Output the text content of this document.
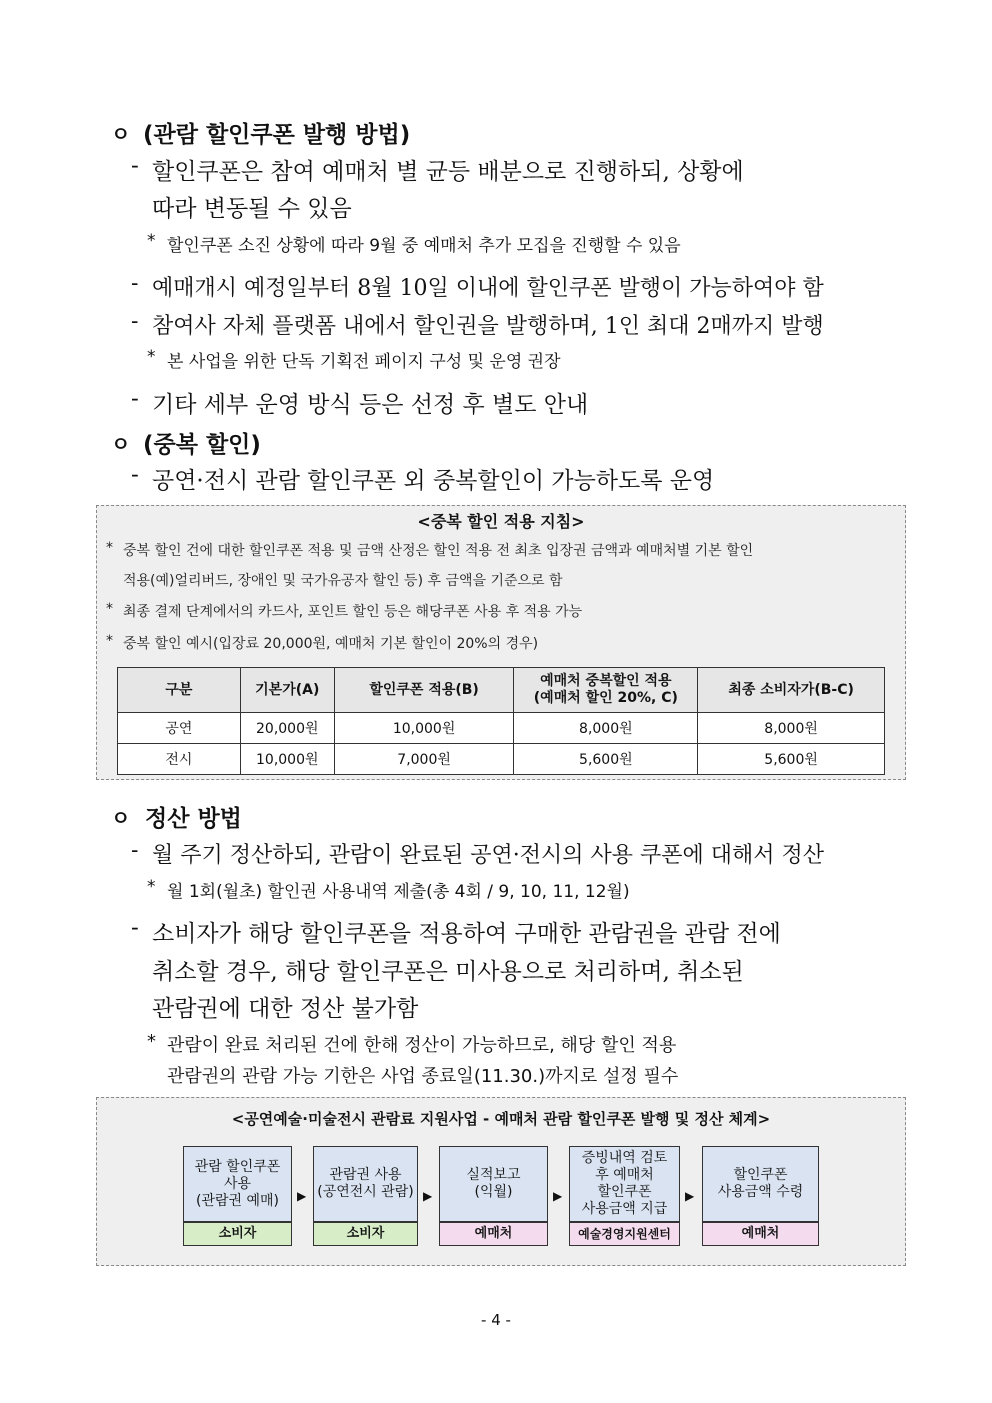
ㅇ (관람 할인쿠폰 발행 방법)
- 할인쿠폰은 참여 예매처 별 균등 배분으로 진행하되, 상황에
따라 변동될 수 있음
* 할인쿠폰 소진 상황에 따라 9월 중 예매처 추가 모집을 진행할 수 있음
- 예매개시 예정일부터 8월 10일 이내에 할인쿠폰 발행이 가능하여야 함
- 참여사 자체 플랫폼 내에서 할인권을 발행하며, 1인 최대 2매까지 발행
* 본 사업을 위한 단독 기획전 페이지 구성 및 운영 권장
- 기타 세부 운영 방식 등은 선정 후 별도 안내
ㅇ (중복 할인)
- 공연·전시 관람 할인쿠폰 외 중복할인이 가능하도록 운영
<중복 할인 적용 지침>
* 중복 할인 건에 대한 할인쿠폰 적용 및 금액 산정은 할인 적용 전 최초 입장권 금액과 예매처별 기본 할인
적용(예)얼리버드, 장애인 및 국가유공자 할인 등) 후 금액을 기준으로 함
* 최종 결제 단계에서의 카드사, 포인트 할인 등은 해당쿠폰 사용 후 적용 가능
* 중복 할인 예시(입장료 20,000원, 예매처 기본 할인이 20%의 경우)
구분	기본가(A)	할인쿠폰 적용(B)	예매처 중복할인 적용
(예매처 할인 20%, C)	최종 소비자가(B-C)
공연	20,000원	10,000원	8,000원	8,000원
전시	10,000원	7,000원	5,600원	5,600원
ㅇ 정산 방법
- 월 주기 정산하되, 관람이 완료된 공연·전시의 사용 쿠폰에 대해서 정산
* 월 1회(월초) 할인권 사용내역 제출(총 4회 / 9, 10, 11, 12월)
- 소비자가 해당 할인쿠폰을 적용하여 구매한 관람권을 관람 전에
취소할 경우, 해당 할인쿠폰은 미사용으로 처리하며, 취소된
관람권에 대한 정산 불가함
* 관람이 완료 처리된 건에 한해 정산이 가능하므로, 해당 할인 적용
관람권의 관람 가능 기한은 사업 종료일(11.30.)까지로 설정 필수
<공연예술·미술전시 관람료 지원사업 - 예매처 관람 할인쿠폰 발행 및 정산 체계>
관람 할인쿠폰
사용
(관람권 예매)
소비자
▶
관람권 사용
(공연전시 관람)
소비자
▶
실적보고
(익월)
예매처
▶
증빙내역 검토
후 예매처
할인쿠폰
사용금액 지급
예술경영지원센터
▶
할인쿠폰
사용금액 수령
예매처
- 4 -
